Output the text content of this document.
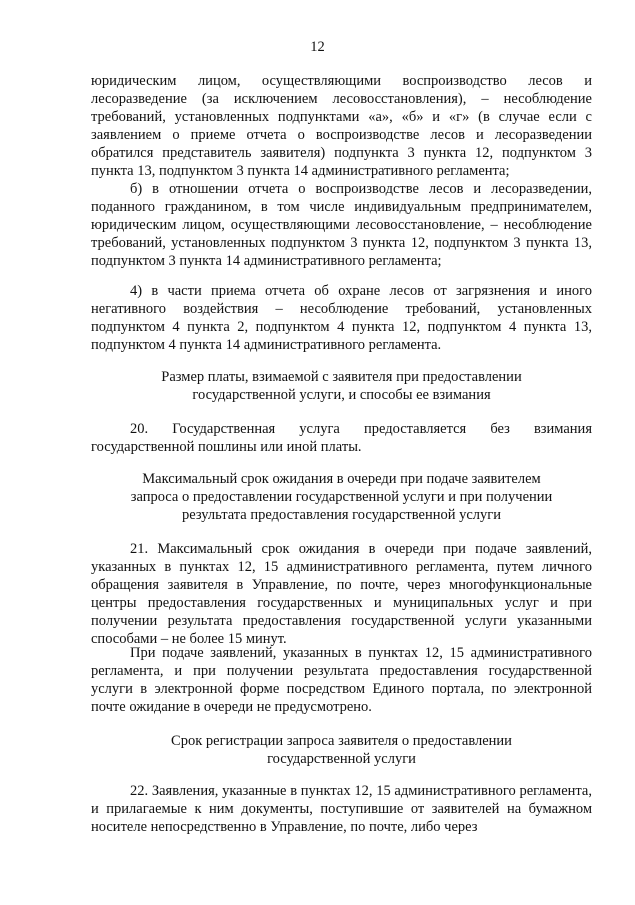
12

юридическим лицом, осуществляющими воспроизводство лесов и лесоразведение (за исключением лесовосстановления), – несоблюдение требований, установленных подпунктами «а», «б» и «г» (в случае если с заявлением о приеме отчета о воспроизводстве лесов и лесоразведении обратился представитель заявителя) подпункта 3 пункта 12, подпунктом 3 пункта 13, подпунктом 3 пункта 14 административного регламента;

б) в отношении отчета о воспроизводстве лесов и лесоразведении, поданного гражданином, в том числе индивидуальным предпринимателем, юридическим лицом, осуществляющими лесовосстановление, – несоблюдение требований, установленных подпунктом 3 пункта 12, подпунктом 3 пункта 13, подпунктом 3 пункта 14 административного регламента;

4) в части приема отчета об охране лесов от загрязнения и иного негативного воздействия – несоблюдение требований, установленных подпунктом 4 пункта 2, подпунктом 4 пункта 12, подпунктом 4 пункта 13, подпунктом 4 пункта 14 административного регламента.

Размер платы, взимаемой с заявителя при предоставлении
государственной услуги, и способы ее взимания

20. Государственная услуга предоставляется без взимания государственной пошлины или иной платы.

Максимальный срок ожидания в очереди при подаче заявителем
запроса о предоставлении государственной услуги и при получении
результата предоставления государственной услуги

21. Максимальный срок ожидания в очереди при подаче заявлений, указанных в пунктах 12, 15 административного регламента, путем личного обращения заявителя в Управление, по почте, через многофункциональные центры предоставления государственных и муниципальных услуг и при получении результата предоставления государственной услуги указанными способами – не более 15 минут.

При подаче заявлений, указанных в пунктах 12, 15 административного регламента, и при получении результата предоставления государственной услуги в электронной форме посредством Единого портала, по электронной почте ожидание в очереди не предусмотрено.

Срок регистрации запроса заявителя о предоставлении
государственной услуги

22. Заявления, указанные в пунктах 12, 15 административного регламента, и прилагаемые к ним документы, поступившие от заявителей на бумажном носителе непосредственно в Управление, по почте, либо через
